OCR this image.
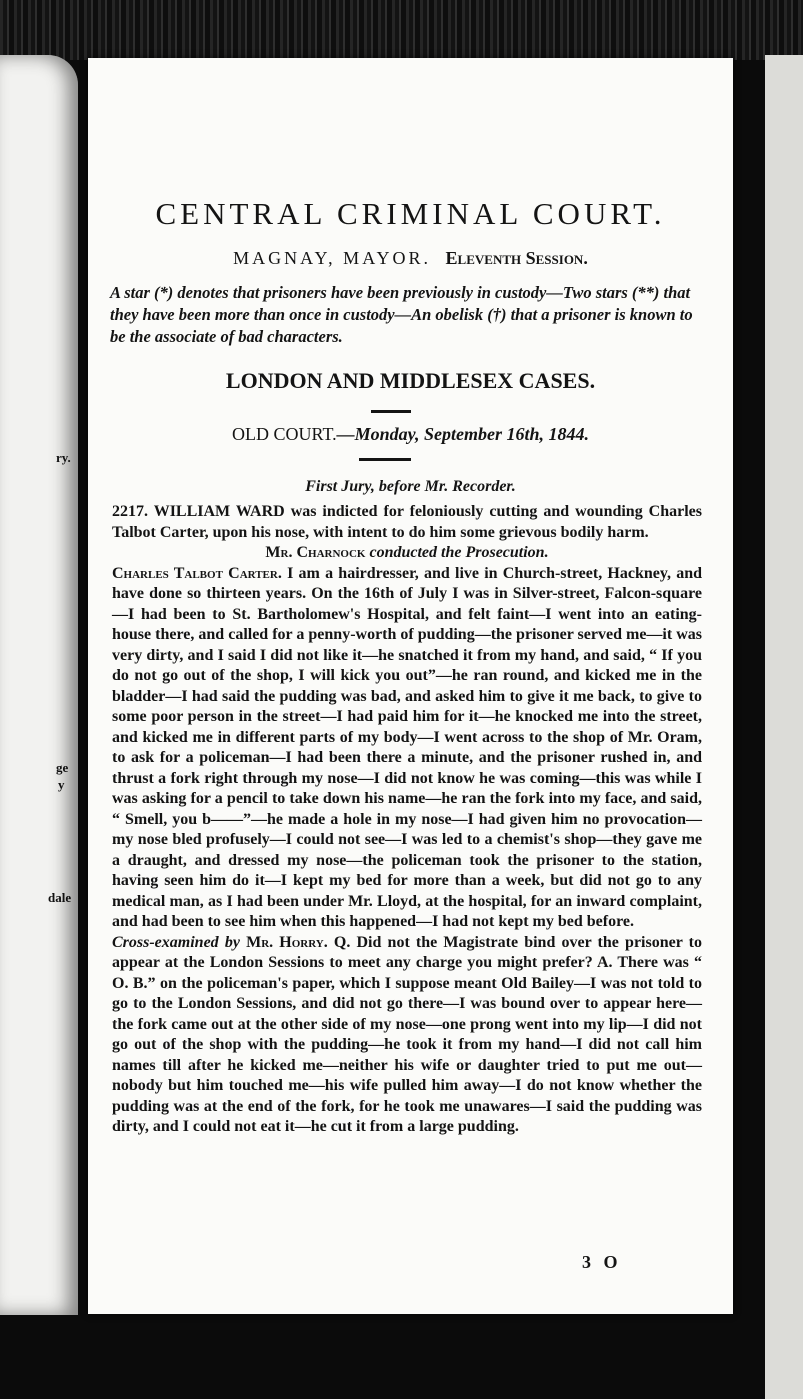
ry.
ge
y
dale
CENTRAL CRIMINAL COURT.
MAGNAY, MAYOR. Eleventh Session.
A star (*) denotes that prisoners have been previously in custody—Two stars (**) that they have been more than once in custody—An obelisk (†) that a prisoner is known to be the associate of bad characters.
LONDON AND MIDDLESEX CASES.
OLD COURT.—Monday, September 16th, 1844.
First Jury, before Mr. Recorder.

2217. WILLIAM WARD was indicted for feloniously cutting and wounding Charles Talbot Carter, upon his nose, with intent to do him some grievous bodily harm.

Mr. Charnock conducted the Prosecution.

Charles Talbot Carter. I am a hairdresser, and live in Church-street, Hackney, and have done so thirteen years. On the 16th of July I was in Silver-street, Falcon-square—I had been to St. Bartholomew's Hospital, and felt faint—I went into an eating-house there, and called for a penny-worth of pudding—the prisoner served me—it was very dirty, and I said I did not like it—he snatched it from my hand, and said, “ If you do not go out of the shop, I will kick you out”—he ran round, and kicked me in the bladder—I had said the pudding was bad, and asked him to give it me back, to give to some poor person in the street—I had paid him for it—he knocked me into the street, and kicked me in different parts of my body—I went across to the shop of Mr. Oram, to ask for a policeman—I had been there a minute, and the prisoner rushed in, and thrust a fork right through my nose—I did not know he was coming—this was while I was asking for a pencil to take down his name—he ran the fork into my face, and said, “ Smell, you b——”—he made a hole in my nose—I had given him no provocation—my nose bled profusely—I could not see—I was led to a chemist's shop—they gave me a draught, and dressed my nose—the policeman took the prisoner to the station, having seen him do it—I kept my bed for more than a week, but did not go to any medical man, as I had been under Mr. Lloyd, at the hospital, for an inward complaint, and had been to see him when this happened—I had not kept my bed before.

Cross-examined by Mr. Horry. Q. Did not the Magistrate bind over the prisoner to appear at the London Sessions to meet any charge you might prefer? A. There was “ O. B.” on the policeman's paper, which I suppose meant Old Bailey—I was not told to go to the London Sessions, and did not go there—I was bound over to appear here—the fork came out at the other side of my nose—one prong went into my lip—I did not go out of the shop with the pudding—he took it from my hand—I did not call him names till after he kicked me—neither his wife or daughter tried to put me out—nobody but him touched me—his wife pulled him away—I do not know whether the pudding was at the end of the fork, for he took me unawares—I said the pudding was dirty, and I could not eat it—he cut it from a large pudding.

3 O
